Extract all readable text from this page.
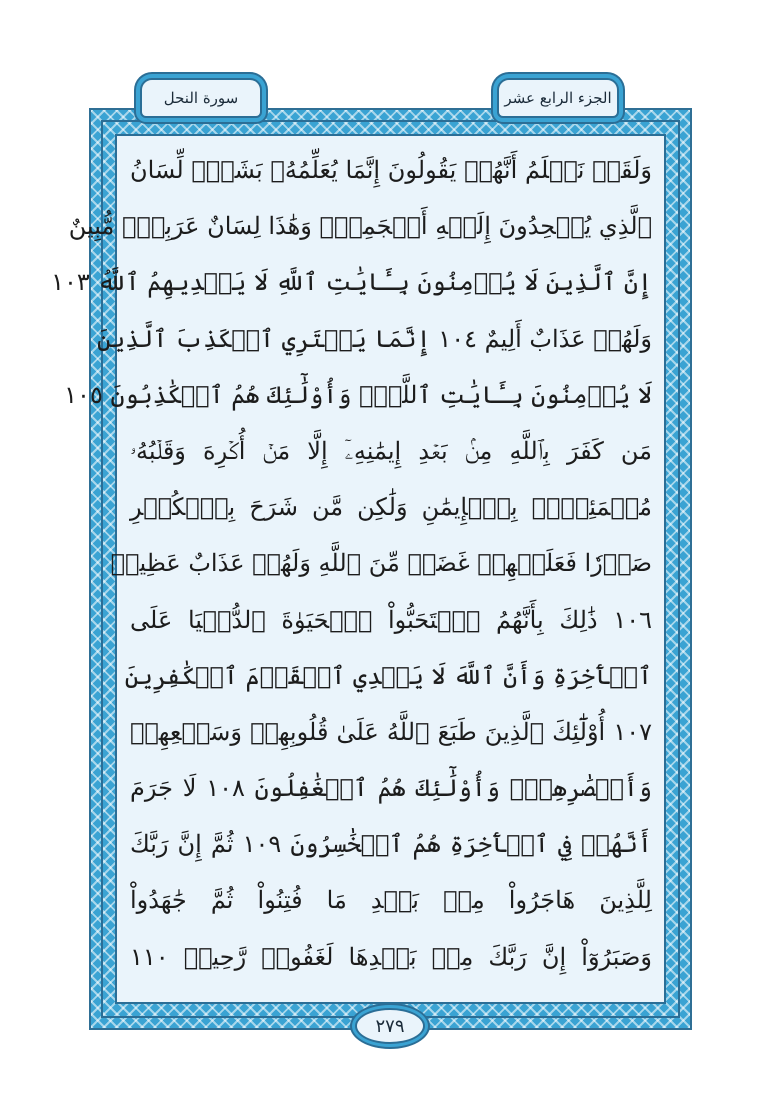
الجزء الرابع عشر
سورة النحل
وَلَقَدۡ نَعۡلَمُ أَنَّهُمۡ يَقُولُونَ إِنَّمَا يُعَلِّمُهُۥ بَشَرٞۗ لِّسَانُ
ٱلَّذِي يُلۡحِدُونَ إِلَيۡهِ أَعۡجَمِيّٞ وَهَٰذَا لِسَانٌ عَرَبِيّٞ مُّبِينٌ
إِنَّ ٱلَّذِينَ لَا يُؤۡمِنُونَ بِـَٔايَٰتِ ٱللَّهِ لَا يَهۡدِيهِمُ ٱللَّهُ ١٠٣
وَلَهُمۡ عَذَابٌ أَلِيمٌ ١٠٤ إِنَّمَا يَفۡتَرِي ٱلۡكَذِبَ ٱلَّذِينَ
لَا يُؤۡمِنُونَ بِـَٔايَٰتِ ٱللَّهِۖ وَأُوْلَٰٓئِكَ هُمُ ٱلۡكَٰذِبُونَ ١٠٥
مَن كَفَرَ بِٱللَّهِ مِنۢ بَعۡدِ إِيمَٰنِهِۦٓ إِلَّا مَنۡ أُكۡرِهَ وَقَلۡبُهُۥ
مُطۡمَئِنُّۢ بِٱلۡإِيمَٰنِ وَلَٰكِن مَّن شَرَحَ بِٱلۡكُفۡرِ
صَدۡرٗا فَعَلَيۡهِمۡ غَضَبٞ مِّنَ ٱللَّهِ وَلَهُمۡ عَذَابٌ عَظِيمٞ
١٠٦ ذَٰلِكَ بِأَنَّهُمُ ٱسۡتَحَبُّواْ ٱلۡحَيَوٰةَ ٱلدُّنۡيَا عَلَى
ٱلۡأٓخِرَةِ وَأَنَّ ٱللَّهَ لَا يَهۡدِي ٱلۡقَوۡمَ ٱلۡكَٰفِرِينَ
١٠٧ أُوْلَٰٓئِكَ ٱلَّذِينَ طَبَعَ ٱللَّهُ عَلَىٰ قُلُوبِهِمۡ وَسَمۡعِهِمۡ
وَأَبۡصَٰرِهِمۡۖ وَأُوْلَٰٓئِكَ هُمُ ٱلۡغَٰفِلُونَ ١٠٨ لَا جَرَمَ
أَنَّهُمۡ فِي ٱلۡأٓخِرَةِ هُمُ ٱلۡخَٰسِرُونَ ١٠٩ ثُمَّ إِنَّ رَبَّكَ
لِلَّذِينَ هَاجَرُواْ مِنۢ بَعۡدِ مَا فُتِنُواْ ثُمَّ جَٰهَدُواْ
وَصَبَرُوٓاْ إِنَّ رَبَّكَ مِنۢ بَعۡدِهَا لَغَفُورٞ رَّحِيمٞ ١١٠
٢٧٩
